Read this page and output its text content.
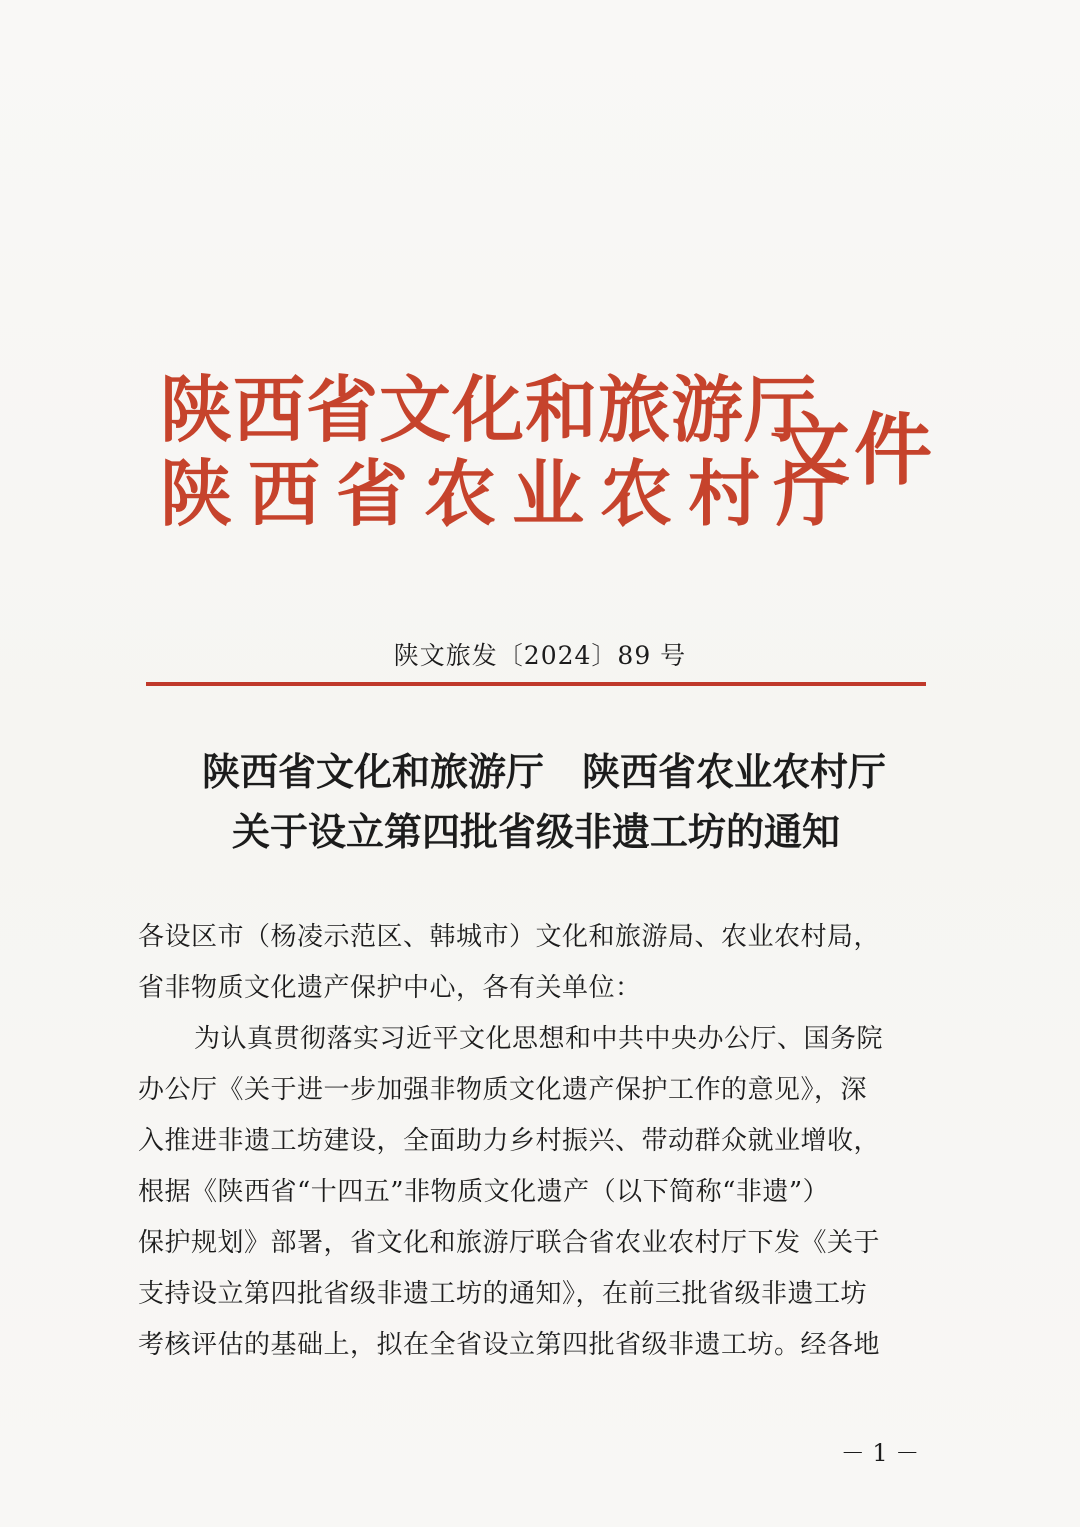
陕西省文化和旅游厅
陕西省农业农村厅
文件
陕文旅发〔2024〕89 号
陕西省文化和旅游厅　陕西省农业农村厅
关于设立第四批省级非遗工坊的通知
各设区市（杨凌示范区、韩城市）文化和旅游局、农业农村局，
省非物质文化遗产保护中心，各有关单位：
为认真贯彻落实习近平文化思想和中共中央办公厅、国务院
办公厅《关于进一步加强非物质文化遗产保护工作的意见》，深
入推进非遗工坊建设，全面助力乡村振兴、带动群众就业增收，
根据《陕西省“十四五”非物质文化遗产（以下简称“非遗”）
保护规划》部署，省文化和旅游厅联合省农业农村厅下发《关于
支持设立第四批省级非遗工坊的通知》，在前三批省级非遗工坊
考核评估的基础上，拟在全省设立第四批省级非遗工坊。经各地
－ 1 －
